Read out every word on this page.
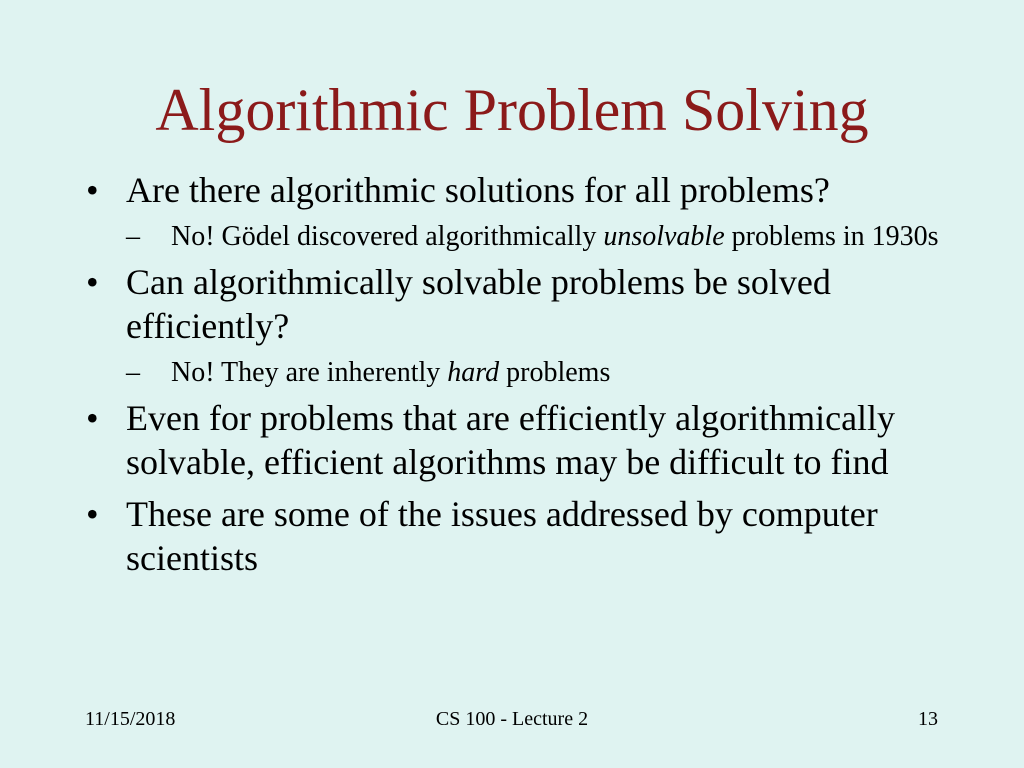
Algorithmic Problem Solving
• Are there algorithmic solutions for all problems?
– No! Gödel discovered algorithmically unsolvable problems in 1930s
• Can algorithmically solvable problems be solved efficiently?
– No! They are inherently hard problems
• Even for problems that are efficiently algorithmically solvable, efficient algorithms may be difficult to find
• These are some of the issues addressed by computer scientists
11/15/2018	CS 100 - Lecture 2	13
